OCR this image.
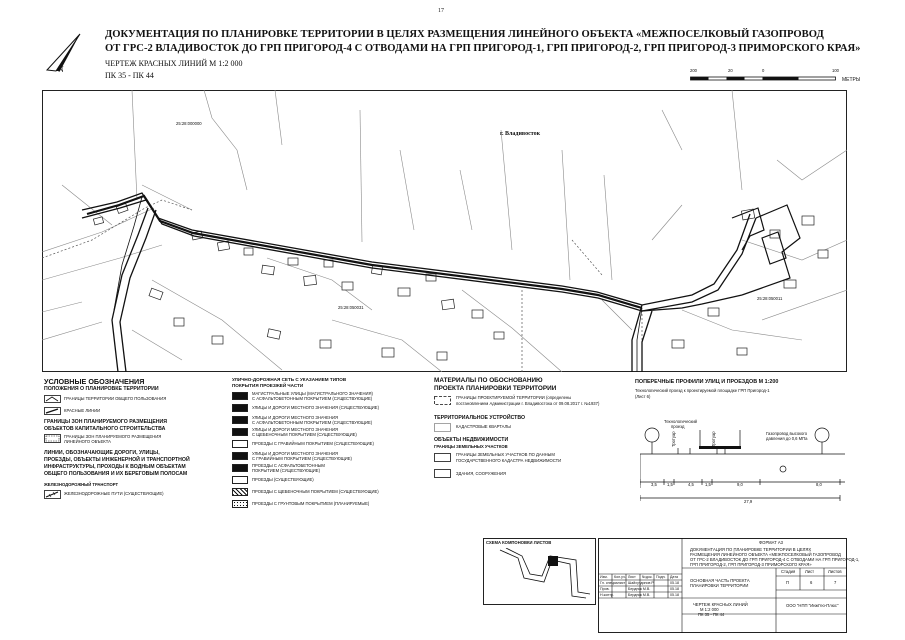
17
N
ДОКУМЕНТАЦИЯ ПО ПЛАНИРОВКЕ ТЕРРИТОРИИ В ЦЕЛЯХ РАЗМЕЩЕНИЯ ЛИНЕЙНОГО ОБЪЕКТА «МЕЖПОСЕЛКОВЫЙ ГАЗОПРОВОД
ОТ ГРС-2 ВЛАДИВОСТОК ДО ГРП ПРИГОРОД-4 С ОТВОДАМИ НА ГРП ПРИГОРОД-1, ГРП ПРИГОРОД-2, ГРП ПРИГОРОД-3 ПРИМОРСКОГО КРАЯ»
ЧЕРТЕЖ КРАСНЫХ ЛИНИЙ М 1:2 000
ПК 35 - ПК 44
200	20	0	100
МЕТРЫ
г. Владивосток
25:28:000000
25:28:050031
25:28:050011
УСЛОВНЫЕ ОБОЗНАЧЕНИЯ
ПОЛОЖЕНИЯ О ПЛАНИРОВКЕ ТЕРРИТОРИИ
ГРАНИЦЫ ТЕРРИТОРИИ ОБЩЕГО ПОЛЬЗОВАНИЯ
КРАСНЫЕ ЛИНИИ
ГРАНИЦЫ ЗОН ПЛАНИРУЕМОГО РАЗМЕЩЕНИЯ
ОБЪЕКТОВ КАПИТАЛЬНОГО СТРОИТЕЛЬСТВА
ГРАНИЦЫ ЗОН ПЛАНИРУЕМОГО РАЗМЕЩЕНИЯ
ЛИНЕЙНОГО ОБЪЕКТА
ЛИНИИ, ОБОЗНАЧАЮЩИЕ ДОРОГИ, УЛИЦЫ,
ПРОЕЗДЫ, ОБЪЕКТЫ ИНЖЕНЕРНОЙ И ТРАНСПОРТНОЙ
ИНФРАСТРУКТУРЫ, ПРОХОДЫ К ВОДНЫМ ОБЪЕКТАМ
ОБЩЕГО ПОЛЬЗОВАНИЯ И ИХ БЕРЕГОВЫМ ПОЛОСАМ
ЖЕЛЕЗНОДОРОЖНЫЙ ТРАНСПОРТ
ЖЕЛЕЗНОДОРОЖНЫЕ ПУТИ (СУЩЕСТВУЮЩИЕ)
УЛИЧНО-ДОРОЖНАЯ СЕТЬ С УКАЗАНИЕМ ТИПОВ
ПОКРЫТИЯ ПРОЕЗЖЕЙ ЧАСТИ
МАГИСТРАЛЬНЫЕ УЛИЦЫ (МАГИСТРАЛЬНОГО ЗНАЧЕНИЯ)
С АСФАЛЬТОБЕТОННЫМ ПОКРЫТИЕМ (СУЩЕСТВУЮЩИЕ)
УЛИЦЫ И ДОРОГИ МЕСТНОГО ЗНАЧЕНИЯ (СУЩЕСТВУЮЩИЕ)
УЛИЦЫ И ДОРОГИ МЕСТНОГО ЗНАЧЕНИЯ
С АСФАЛЬТОБЕТОННЫМ ПОКРЫТИЕМ (СУЩЕСТВУЮЩИЕ)
УЛИЦЫ И ДОРОГИ МЕСТНОГО ЗНАЧЕНИЯ
С ЩЕБЕНОЧНЫМ ПОКРЫТИЕМ (СУЩЕСТВУЮЩИЕ)
ПРОЕЗДЫ С ГРАВИЙНЫМ ПОКРЫТИЕМ (СУЩЕСТВУЮЩИЕ)
УЛИЦЫ И ДОРОГИ МЕСТНОГО ЗНАЧЕНИЯ
С ГРАВИЙНЫМ ПОКРЫТИЕМ (СУЩЕСТВУЮЩИЕ)
ПРОЕЗДЫ С АСФАЛЬТОБЕТОННЫМ
ПОКРЫТИЕМ (СУЩЕСТВУЮЩИЕ)
ПРОЕЗДЫ (СУЩЕСТВУЮЩИЕ)
ПРОЕЗДЫ С ЩЕБЕНОЧНЫМ ПОКРЫТИЕМ (СУЩЕСТВУЮЩИЕ)
ПРОЕЗДЫ С ГРУНТОВЫМ ПОКРЫТИЕМ (ПЛАНИРУЕМЫЕ)
МАТЕРИАЛЫ ПО ОБОСНОВАНИЮ
ПРОЕКТА ПЛАНИРОВКИ ТЕРРИТОРИИ
ГРАНИЦЫ ПРОЕКТИРУЕМОЙ ТЕРРИТОРИИ (определены
постановлением Администрации г. Владивостока от 09.08.2017 г. №1937)
ТЕРРИТОРИАЛЬНОЕ УСТРОЙСТВО
КАДАСТРОВЫЕ КВАРТАЛЫ
ОБЪЕКТЫ НЕДВИЖИМОСТИ
ГРАНИЦЫ ЗЕМЕЛЬНЫХ УЧАСТКОВ
ГРАНИЦЫ ЗЕМЕЛЬНЫХ УЧАСТКОВ ПО ДАННЫМ
ГОСУДАРСТВЕННОГО КАДАСТРА НЕДВИЖИМОСТИ
ЗДАНИЯ, СООРУЖЕНИЯ
ПОПЕРЕЧНЫЕ ПРОФИЛИ УЛИЦ И ПРОЕЗДОВ М 1:200
Технологический проезд к проектируемой площадке ГРП Пригород-1
(Лист 6)
Технологический
проезд
Газопровод высокого
давления до 0,6 МПа
Тротуар	Тротуар
3,5 1,5	4,5	1,5	9,0	8,0
27,9
СХЕМА КОМПОНОВКИ ЛИСТОВ	ФОРМАТ А3
ДОКУМЕНТАЦИЯ ПО ПЛАНИРОВКЕ ТЕРРИТОРИИ В ЦЕЛЯХ
РАЗМЕЩЕНИЯ ЛИНЕЙНОГО ОБЪЕКТА «МЕЖПОСЕЛКОВЫЙ ГАЗОПРОВОД
ОТ ГРС-2 ВЛАДИВОСТОК ДО ГРП ПРИГОРОД-4 С ОТВОДАМИ НА ГРП ПРИГОРОД-1,
ГРП ПРИГОРОД-2, ГРП ПРИГОРОД-3 ПРИМОРСКОГО КРАЯ»
Изм. Кол.уч. Лист №док. Подп. Дата
Гл. специалист Шайхутдинов Р.	05.18
Пров.	Бердник М.В.	05.18
Н.контр.	Бердник М.В.	05.18
ОСНОВНАЯ ЧАСТЬ ПРОЕКТА
ПЛАНИРОВКИ ТЕРРИТОРИИ
Стадия Лист	Листов
П	6	7
ЧЕРТЕЖ КРАСНЫХ ЛИНИЙ
М 1:2 000
ПК 35 - ПК 44
ООО "НПП "ИнжГео-Плюс"
